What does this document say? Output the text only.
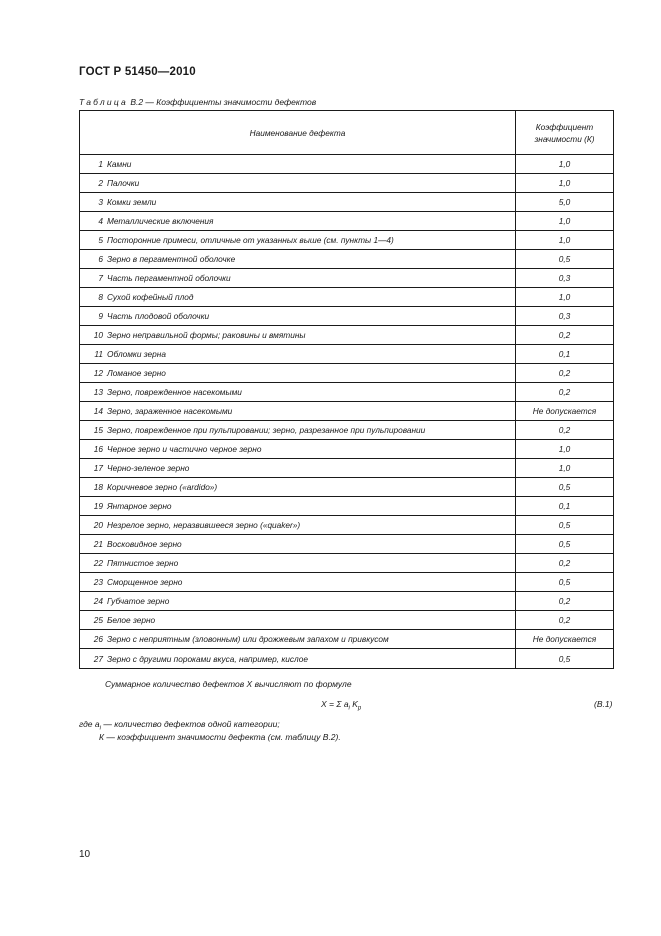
ГОСТ Р 51450—2010
Таблица В.2 — Коэффициенты значимости дефектов
Наименование дефекта	Коэффициент
значимости (К)
1 Камни	1,0
2 Палочки	1,0
3 Комки земли	5,0
4 Металлические включения	1,0
5 Посторонние примеси, отличные от указанных выше (см. пункты 1—4)	1,0
6 Зерно в пергаментной оболочке	0,5
7 Часть пергаментной оболочки	0,3
8 Сухой кофейный плод	1,0
9 Часть плодовой оболочки	0,3
10 Зерно неправильной формы; раковины и вмятины	0,2
11 Обломки зерна	0,1
12 Ломаное зерно	0,2
13 Зерно, поврежденное насекомыми	0,2
14 Зерно, зараженное насекомыми	Не допускается
15 Зерно, поврежденное при пульпировании; зерно, разрезанное при пульпировании	0,2
16 Черное зерно и частично черное зерно	1,0
17 Черно-зеленое зерно	1,0
18 Коричневое зерно («ardido»)	0,5
19 Янтарное зерно	0,1
20 Незрелое зерно, неразвившееся зерно («quaker»)	0,5
21 Восковидное зерно	0,5
22 Пятнистое зерно	0,2
23 Сморщенное зерно	0,5
24 Губчатое зерно	0,2
25 Белое зерно	0,2
26 Зерно с неприятным (зловонным) или дрожжевым запахом и привкусом	Не допускается
27 Зерно с другими пороками вкуса, например, кислое	0,5
Суммарное количество дефектов X вычисляют по формуле
X = Σ $a_i$ $K_p$	(В.1)
где $a_i$ — количество дефектов одной категории;
К — коэффициент значимости дефекта (см. таблицу В.2).
10
